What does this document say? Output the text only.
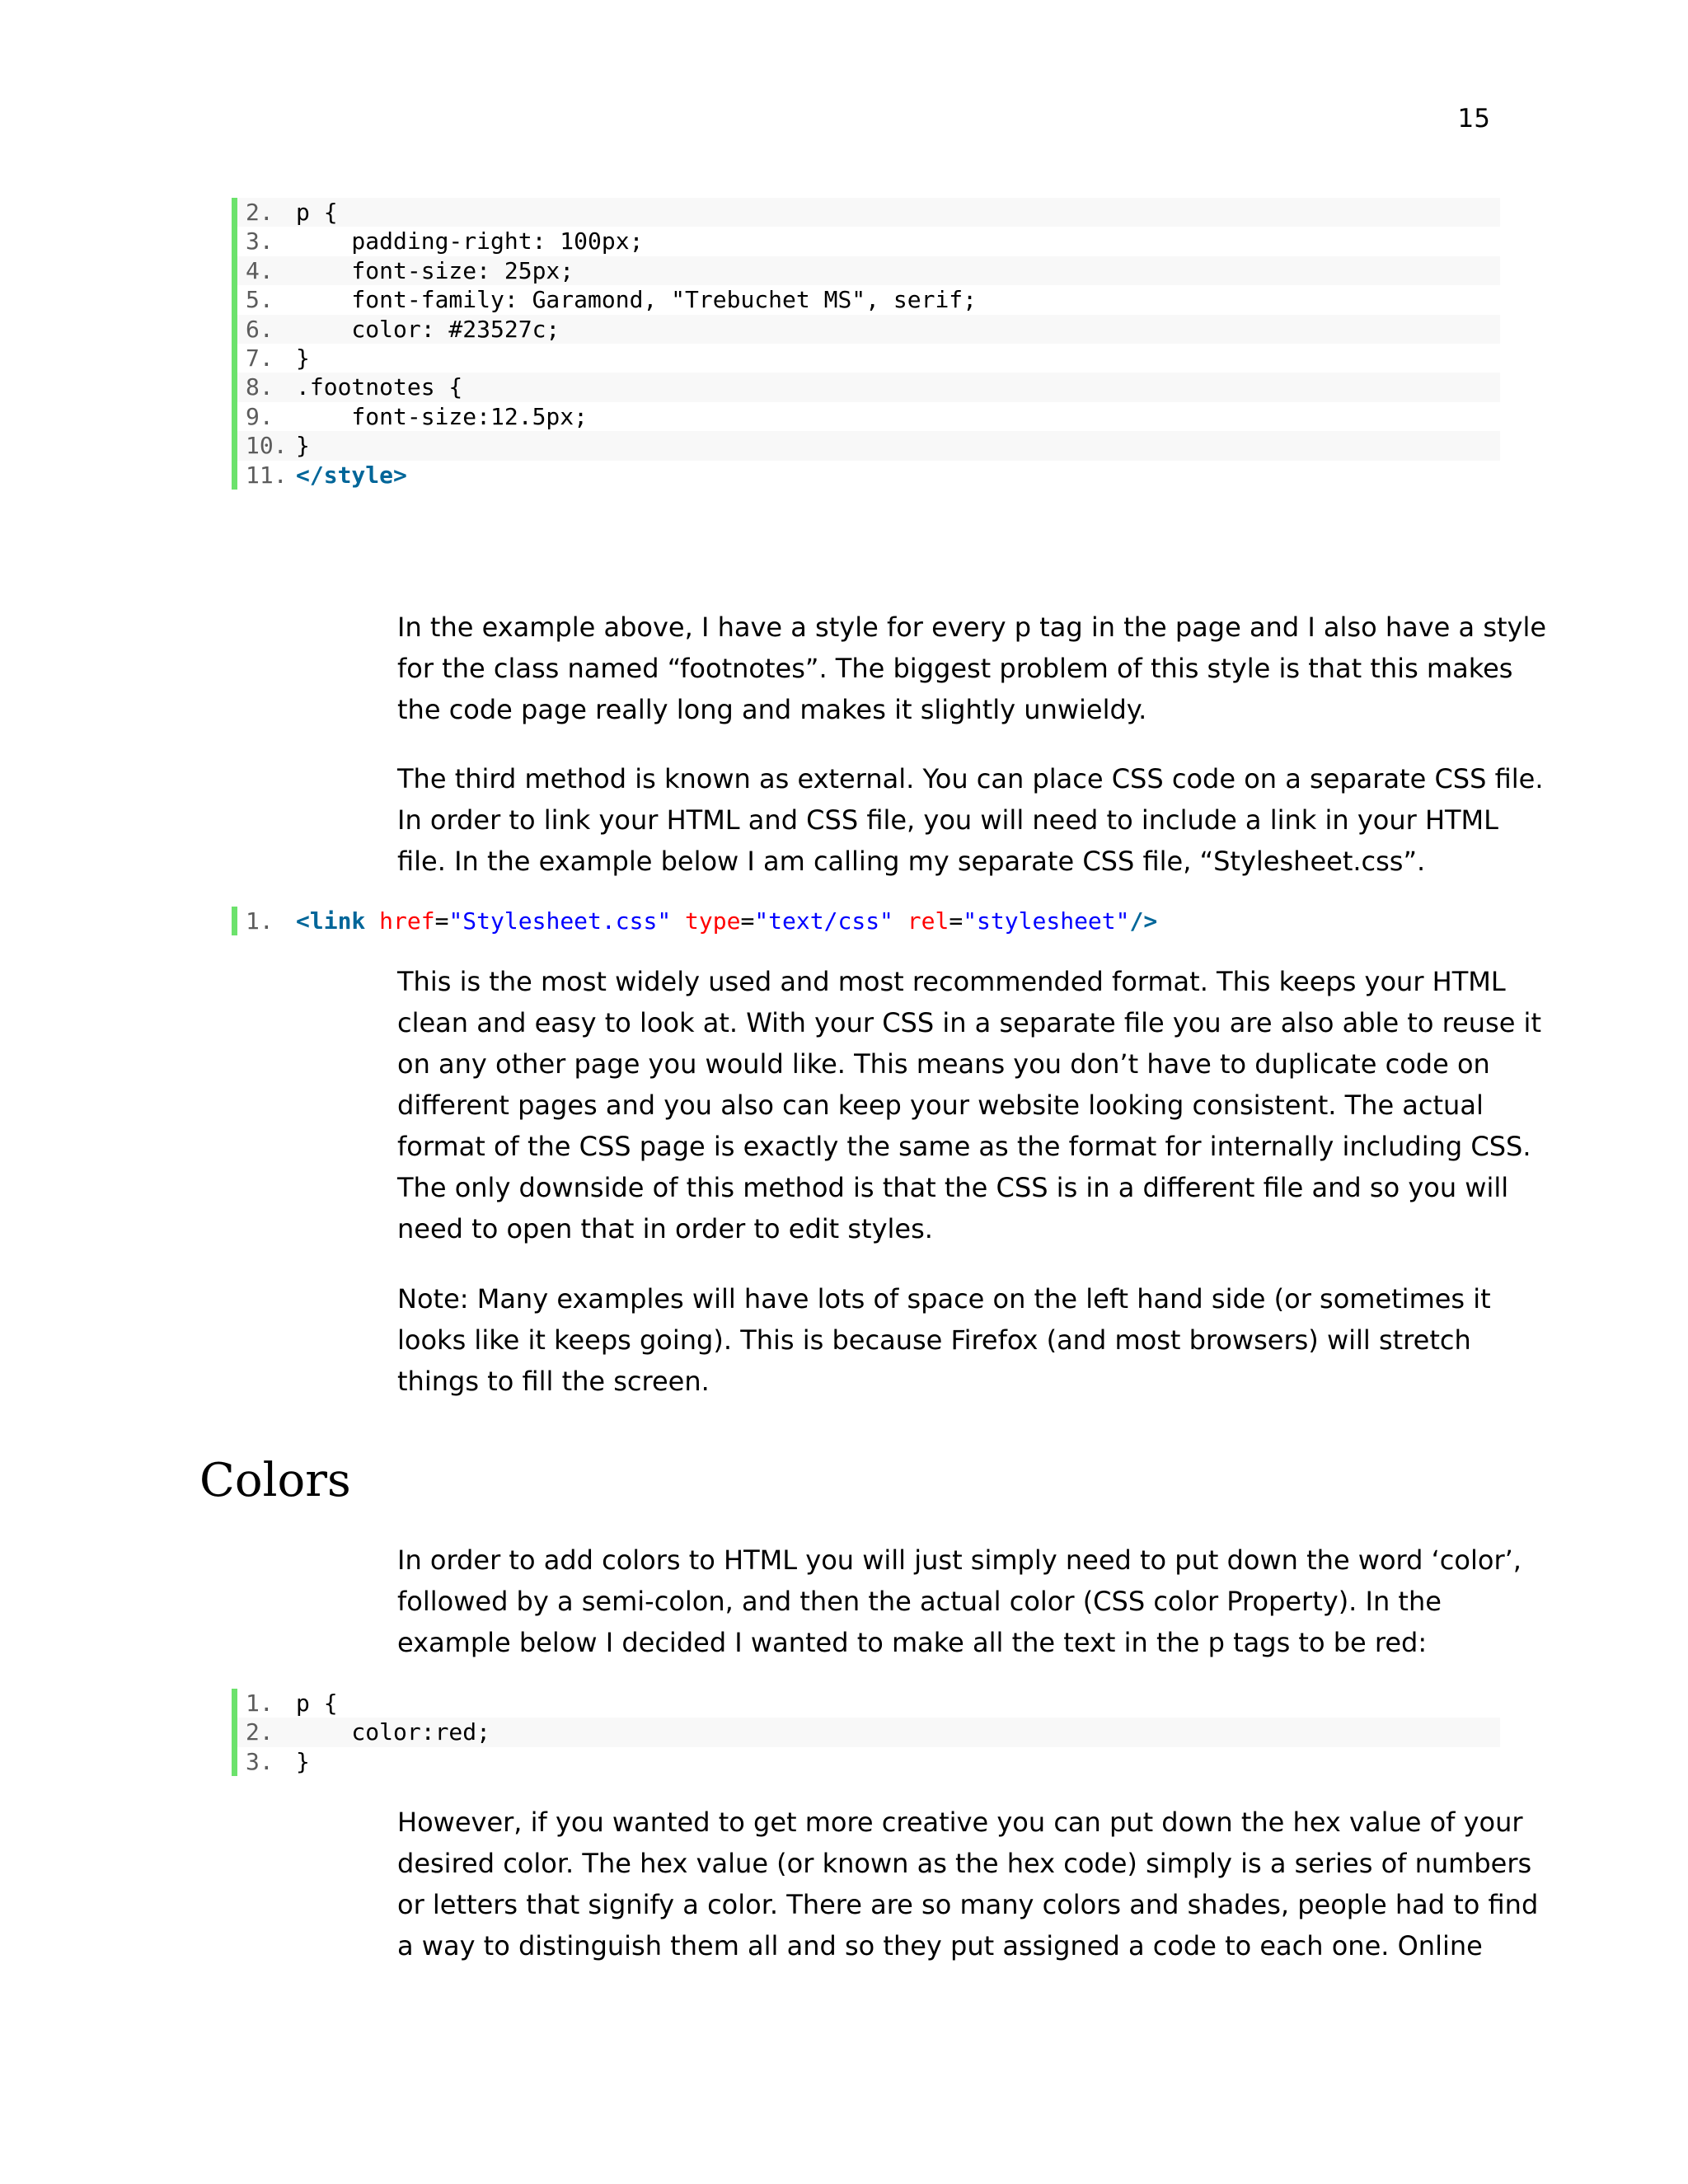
15
2. p {
3. padding-right: 100px;
4. font-size: 25px;
5. font-family: Garamond, "Trebuchet MS", serif;
6. color: #23527c;
7. }
8. .footnotes {
9. font-size:12.5px;
10. }
11. </style>

In the example above, I have a style for every p tag in the page and I also have a style
for the class named “footnotes”. The biggest problem of this style is that this makes
the code page really long and makes it slightly unwieldy.

The third method is known as external. You can place CSS code on a separate CSS file.
In order to link your HTML and CSS file, you will need to include a link in your HTML
file. In the example below I am calling my separate CSS file, “Stylesheet.css”.

1. <link href="Stylesheet.css" type="text/css" rel="stylesheet"/>

This is the most widely used and most recommended format. This keeps your HTML
clean and easy to look at. With your CSS in a separate file you are also able to reuse it
on any other page you would like. This means you don’t have to duplicate code on
different pages and you also can keep your website looking consistent. The actual
format of the CSS page is exactly the same as the format for internally including CSS.
The only downside of this method is that the CSS is in a different file and so you will
need to open that in order to edit styles.

Note: Many examples will have lots of space on the left hand side (or sometimes it
looks like it keeps going). This is because Firefox (and most browsers) will stretch
things to fill the screen.

Colors

In order to add colors to HTML you will just simply need to put down the word ‘color’,
followed by a semi-colon, and then the actual color (CSS color Property). In the
example below I decided I wanted to make all the text in the p tags to be red:

1. p {
2. color:red;
3. }

However, if you wanted to get more creative you can put down the hex value of your
desired color. The hex value (or known as the hex code) simply is a series of numbers
or letters that signify a color. There are so many colors and shades, people had to find
a way to distinguish them all and so they put assigned a code to each one. Online
